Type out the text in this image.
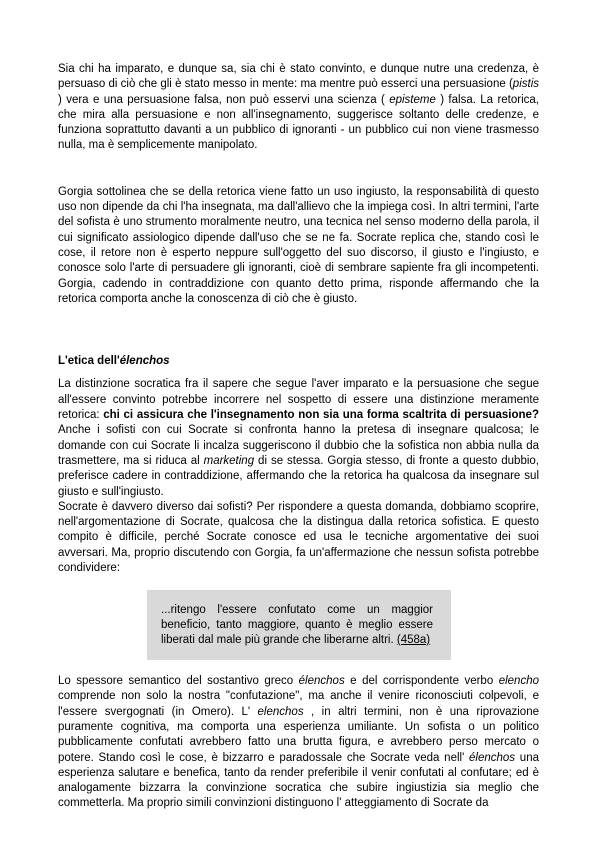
Sia chi ha imparato, e dunque sa, sia chi è stato convinto, e dunque nutre una credenza, è persuaso di ciò che gli è stato messo in mente: ma mentre può esserci una persuasione (pistis ) vera e una persuasione falsa, non può esservi una scienza ( episteme ) falsa. La retorica, che mira alla persuasione e non all'insegnamento, suggerisce soltanto delle credenze, e funziona soprattutto davanti a un pubblico di ignoranti - un pubblico cui non viene trasmesso nulla, ma è semplicemente manipolato.

Gorgia sottolinea che se della retorica viene fatto un uso ingiusto, la responsabilità di questo uso non dipende da chi l'ha insegnata, ma dall'allievo che la impiega così. In altri termini, l'arte del sofista è uno strumento moralmente neutro, una tecnica nel senso moderno della parola, il cui significato assiologico dipende dall'uso che se ne fa. Socrate replica che, stando così le cose, il retore non è esperto neppure sull'oggetto del suo discorso, il giusto e l'ingiusto, e conosce solo l'arte di persuadere gli ignoranti, cioè di sembrare sapiente fra gli incompetenti. Gorgia, cadendo in contraddizione con quanto detto prima, risponde affermando che la retorica comporta anche la conoscenza di ciò che è giusto.

L'etica dell'élenchos

La distinzione socratica fra il sapere che segue l'aver imparato e la persuasione che segue all'essere convinto potrebbe incorrere nel sospetto di essere una distinzione meramente retorica: chi ci assicura che l'insegnamento non sia una forma scaltrita di persuasione? Anche i sofisti con cui Socrate si confronta hanno la pretesa di insegnare qualcosa; le domande con cui Socrate li incalza suggeriscono il dubbio che la sofistica non abbia nulla da trasmettere, ma si riduca al marketing di se stessa. Gorgia stesso, di fronte a questo dubbio, preferisce cadere in contraddizione, affermando che la retorica ha qualcosa da insegnare sul giusto e sull'ingiusto.

Socrate è davvero diverso dai sofisti? Per rispondere a questa domanda, dobbiamo scoprire, nell'argomentazione di Socrate, qualcosa che la distingua dalla retorica sofistica. E questo compito è difficile, perché Socrate conosce ed usa le tecniche argomentative dei suoi avversari. Ma, proprio discutendo con Gorgia, fa un'affermazione che nessun sofista potrebbe condividere:

...ritengo l'essere confutato come un maggior beneficio, tanto maggiore, quanto è meglio essere liberati dal male più grande che liberarne altri. (458a)

Lo spessore semantico del sostantivo greco élenchos e del corrispondente verbo elencho comprende non solo la nostra "confutazione", ma anche il venire riconosciuti colpevoli, e l'essere svergognati (in Omero). L' elenchos , in altri termini, non è una riprovazione puramente cognitiva, ma comporta una esperienza umiliante. Un sofista o un politico pubblicamente confutati avrebbero fatto una brutta figura, e avrebbero perso mercato o potere. Stando così le cose, è bizzarro e paradossale che Socrate veda nell' élenchos una esperienza salutare e benefica, tanto da render preferibile il venir confutati al confutare; ed è analogamente bizzarra la convinzione socratica che subire ingiustizia sia meglio che commetterla. Ma proprio simili convinzioni distinguono l' atteggiamento di Socrate da
